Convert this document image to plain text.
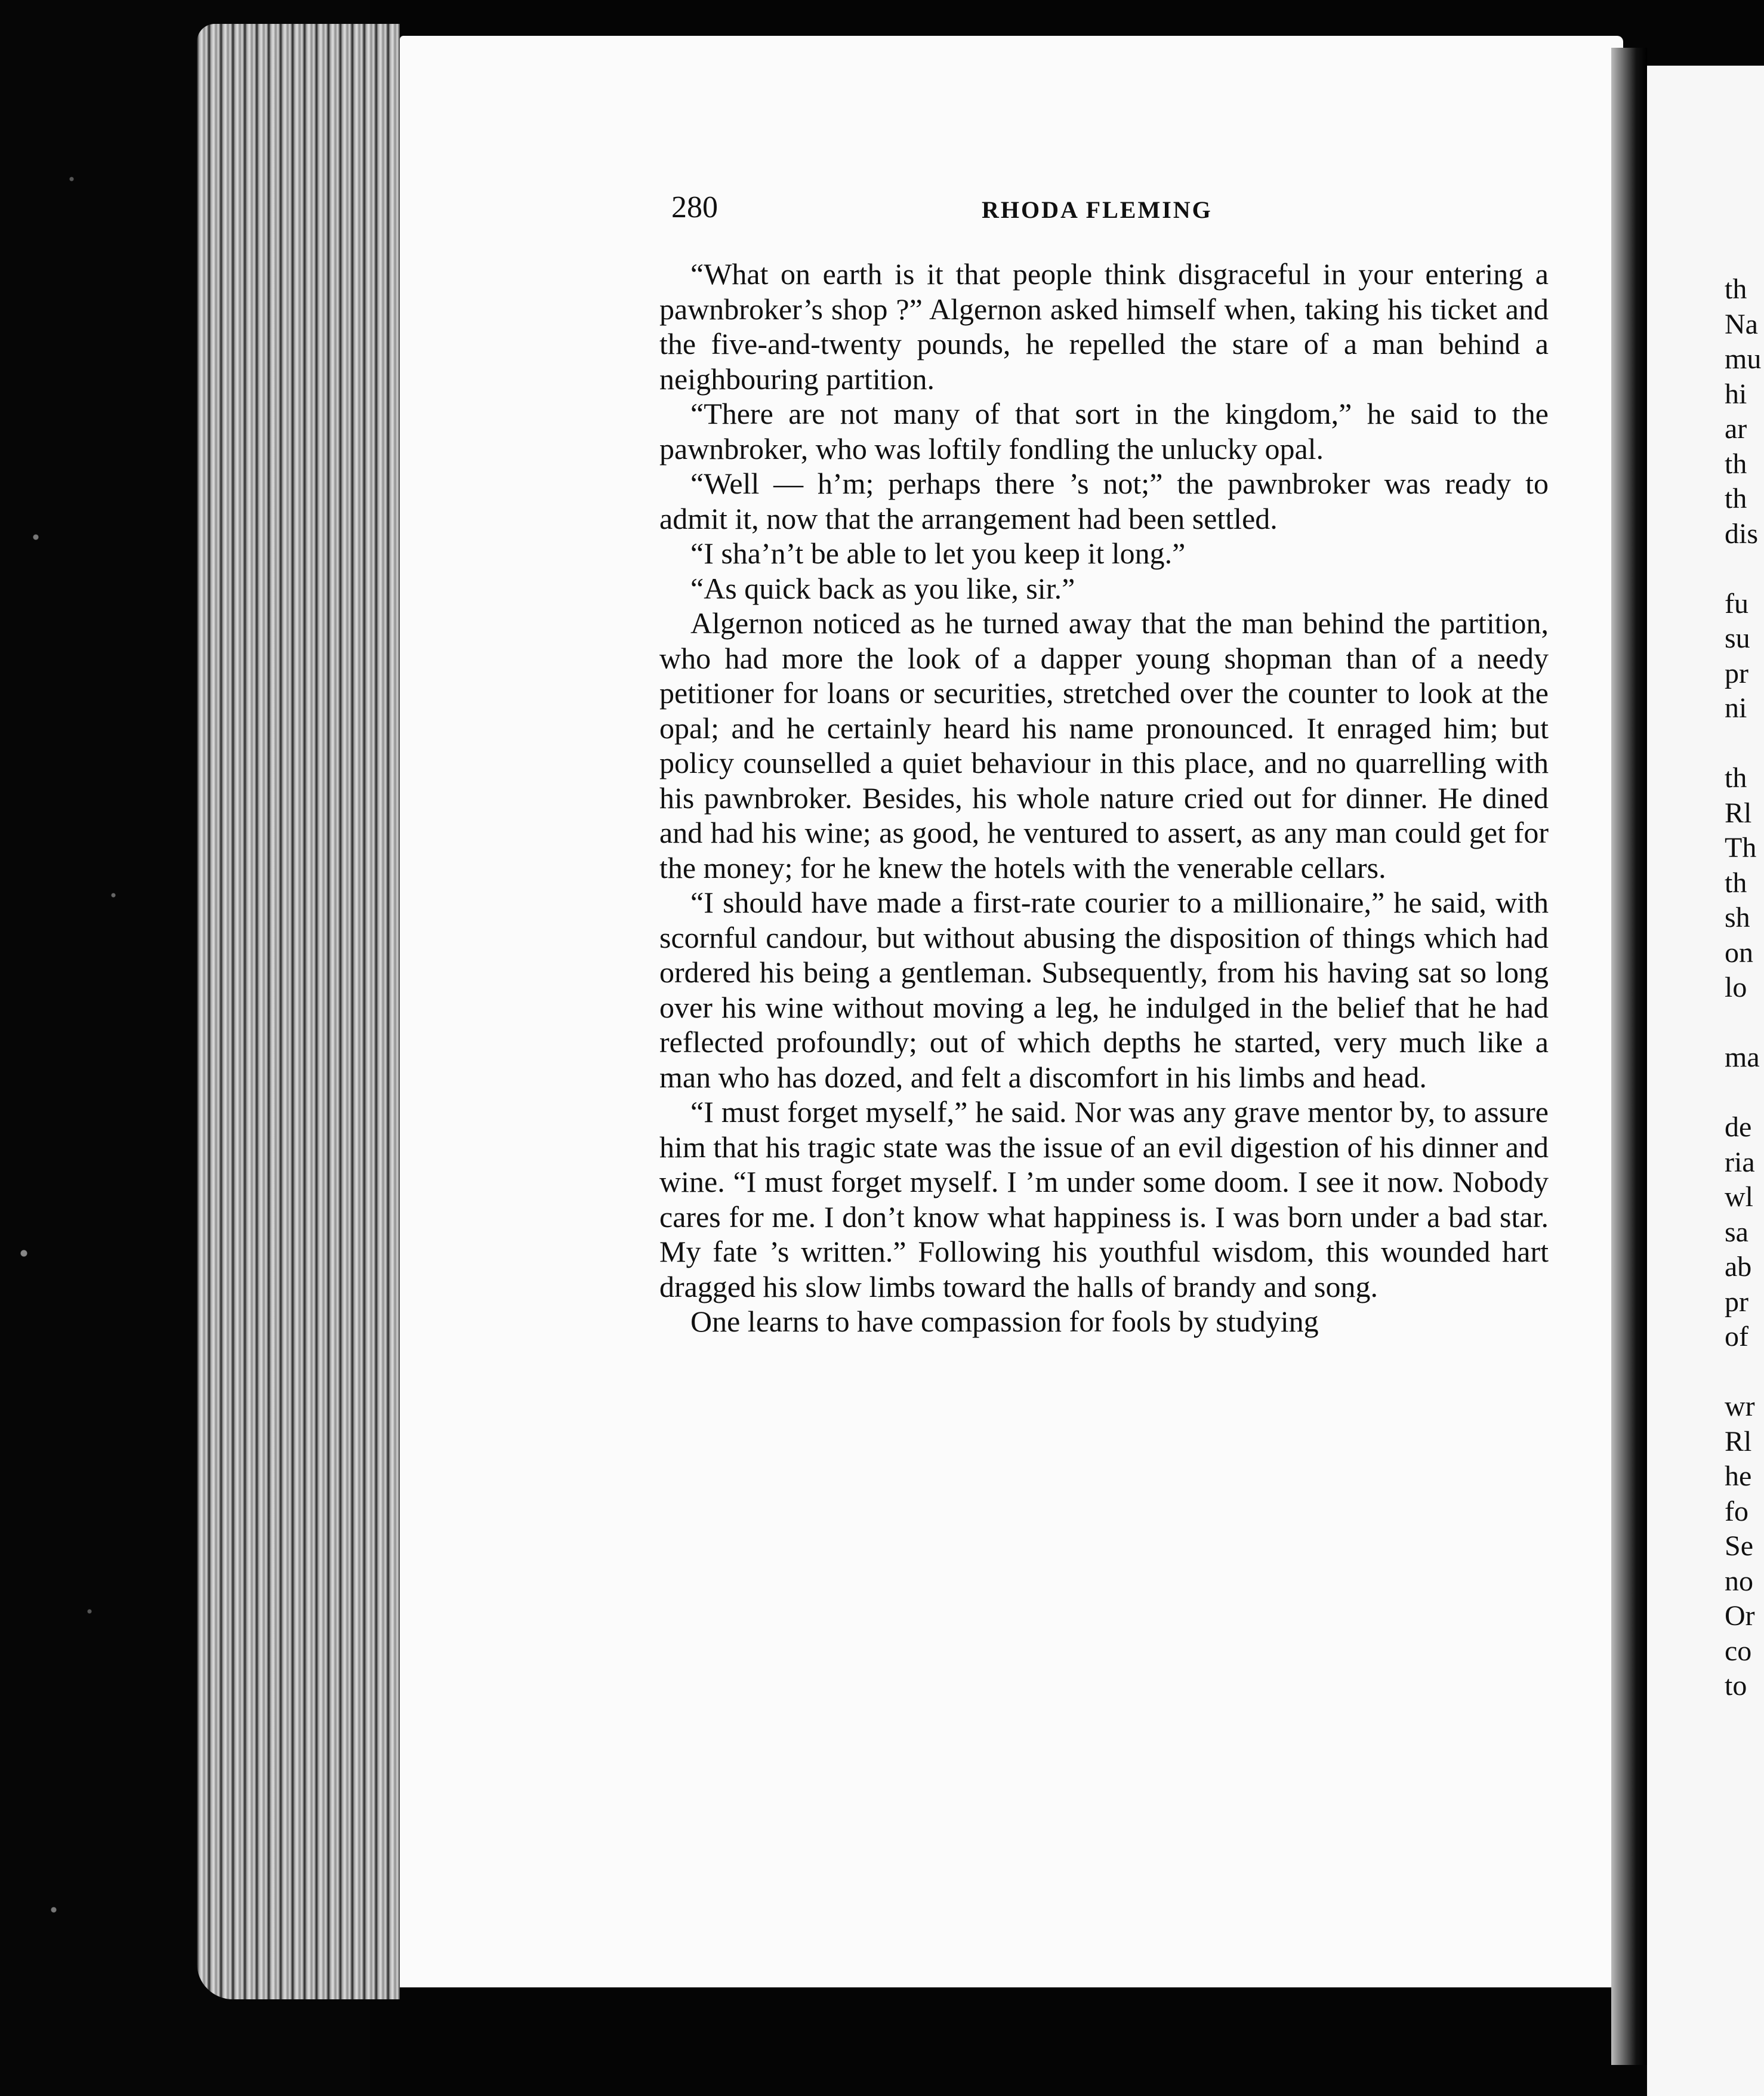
280	RHODA FLEMING

“What on earth is it that people think disgraceful in your entering a pawnbroker’s shop ?” Algernon asked himself when, taking his ticket and the five-and-twenty pounds, he repelled the stare of a man behind a neighbouring partition.

“There are not many of that sort in the kingdom,” he said to the pawnbroker, who was loftily fondling the unlucky opal.

“Well — h’m; perhaps there ’s not;” the pawnbroker was ready to admit it, now that the arrangement had been settled.

“I sha’n’t be able to let you keep it long.”

“As quick back as you like, sir.”

Algernon noticed as he turned away that the man behind the partition, who had more the look of a dapper young shopman than of a needy petitioner for loans or securities, stretched over the counter to look at the opal; and he certainly heard his name pronounced. It enraged him; but policy counselled a quiet behaviour in this place, and no quarrelling with his pawnbroker. Besides, his whole nature cried out for dinner. He dined and had his wine; as good, he ventured to assert, as any man could get for the money; for he knew the hotels with the venerable cellars.

“I should have made a first-rate courier to a millionaire,” he said, with scornful candour, but without abusing the disposition of things which had ordered his being a gentleman. Subsequently, from his having sat so long over his wine without moving a leg, he indulged in the belief that he had reflected profoundly; out of which depths he started, very much like a man who has dozed, and felt a discomfort in his limbs and head.

“I must forget myself,” he said. Nor was any grave mentor by, to assure him that his tragic state was the issue of an evil digestion of his dinner and wine. “I must forget myself. I ’m under some doom. I see it now. Nobody cares for me. I don’t know what happiness is. I was born under a bad star. My fate ’s written.” Following his youthful wisdom, this wounded hart dragged his slow limbs toward the halls of brandy and song.

One learns to have compassion for fools by studying

th
Na
mu
hi
ar
th
th
dis
fu
su
pr
ni
th
Rl
Th
th
sh
on
lo
ma
de
ria
wl
sa
ab
pr
of
wr
Rl
he
fo
Se
no
Or
co
to
